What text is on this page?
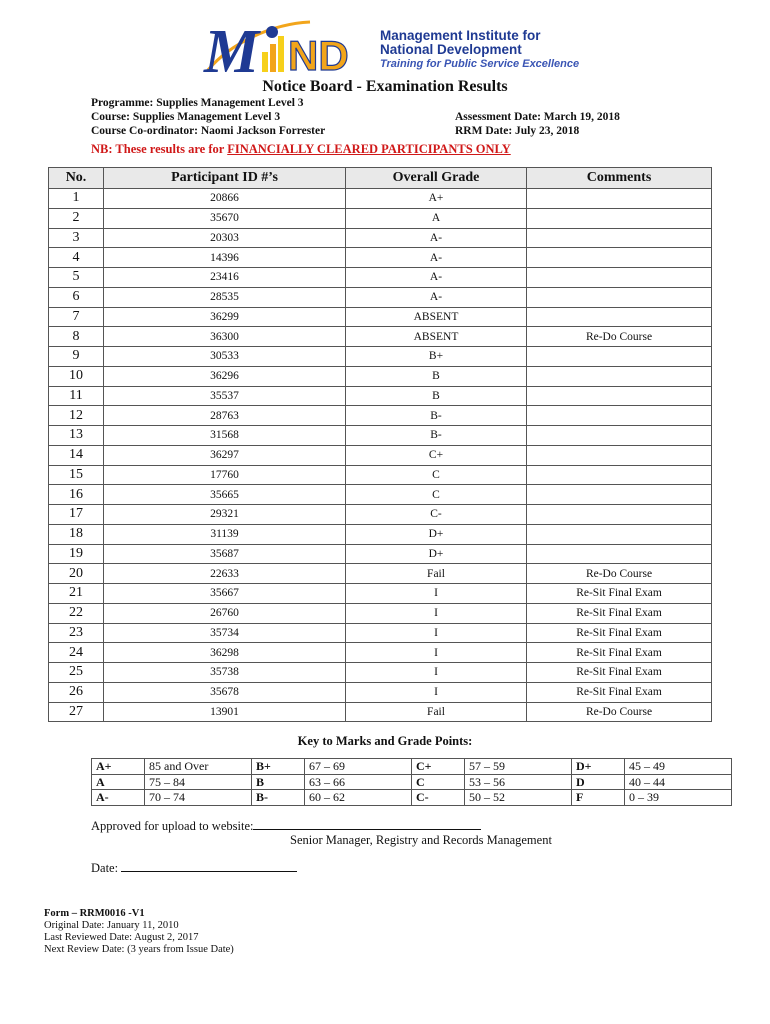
M ND Management Institute for
National Development
Training for Public Service Excellence
Notice Board - Examination Results
Programme: Supplies Management Level 3
Course: Supplies Management Level 3
Course Co-ordinator: Naomi Jackson Forrester
Assessment Date: March 19, 2018
RRM Date: July 23, 2018
NB: These results are for FINANCIALLY CLEARED PARTICIPANTS ONLY
No.	Participant ID #’s	Overall Grade	Comments
1	20866	A+	
2	35670	A	
3	20303	A-	
4	14396	A-	
5	23416	A-	
6	28535	A-	
7	36299	ABSENT	
8	36300	ABSENT	Re-Do Course
9	30533	B+	
10	36296	B	
11	35537	B	
12	28763	B-	
13	31568	B-	
14	36297	C+	
15	17760	C	
16	35665	C	
17	29321	C-	
18	31139	D+	
19	35687	D+	
20	22633	Fail	Re-Do Course
21	35667	I	Re-Sit Final Exam
22	26760	I	Re-Sit Final Exam
23	35734	I	Re-Sit Final Exam
24	36298	I	Re-Sit Final Exam
25	35738	I	Re-Sit Final Exam
26	35678	I	Re-Sit Final Exam
27	13901	Fail	Re-Do Course
Key to Marks and Grade Points:
A+	85 and Over	B+	67 – 69	C+	57 – 59	D+	45 – 49
A	75 – 84	B	63 – 66	C	53 – 56	D	40 – 44
A-	70 – 74	B-	60 – 62	C-	50 – 52	F	0 – 39
Approved for upload to website:
Senior Manager, Registry and Records Management
Date:
Form – RRM0016 -V1
Original Date: January 11, 2010
Last Reviewed Date: August 2, 2017
Next Review Date: (3 years from Issue Date)
